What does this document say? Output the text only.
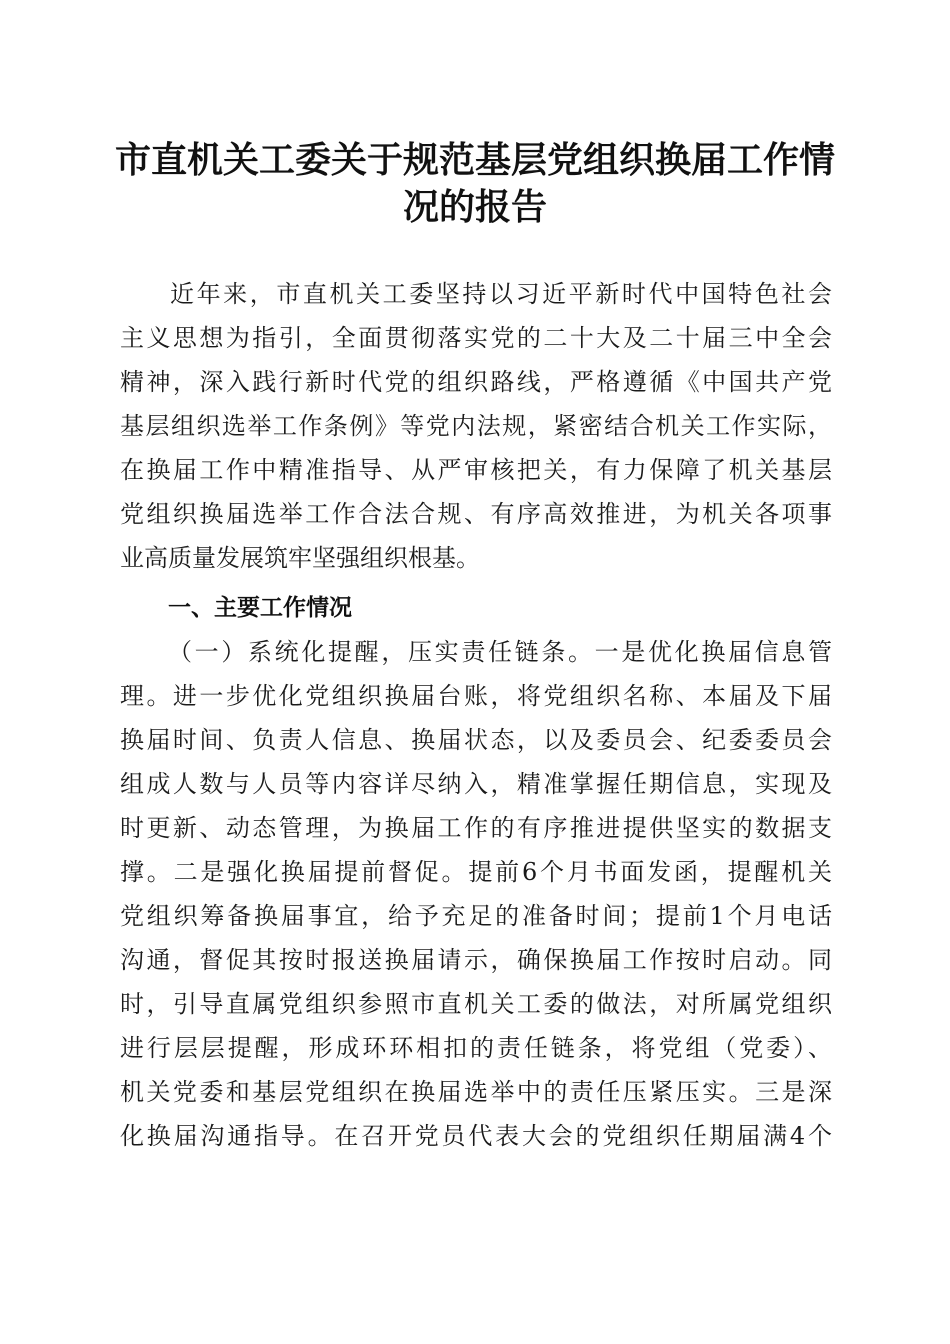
市直机关工委关于规范基层党组织换届工作情
况的报告
近年来，市直机关工委坚持以习近平新时代中国特色社会
主义思想为指引，全面贯彻落实党的二十大及二十届三中全会
精神，深入践行新时代党的组织路线，严格遵循《中国共产党
基层组织选举工作条例》等党内法规，紧密结合机关工作实际，
在换届工作中精准指导、从严审核把关，有力保障了机关基层
党组织换届选举工作合法合规、有序高效推进，为机关各项事
业高质量发展筑牢坚强组织根基。
一、主要工作情况
（一）系统化提醒，压实责任链条。一是优化换届信息管
理。进一步优化党组织换届台账，将党组织名称、本届及下届
换届时间、负责人信息、换届状态，以及委员会、纪委委员会
组成人数与人员等内容详尽纳入，精准掌握任期信息，实现及
时更新、动态管理，为换届工作的有序推进提供坚实的数据支
撑。二是强化换届提前督促。提前6个月书面发函，提醒机关
党组织筹备换届事宜，给予充足的准备时间；提前1个月电话
沟通，督促其按时报送换届请示，确保换届工作按时启动。同
时，引导直属党组织参照市直机关工委的做法，对所属党组织
进行层层提醒，形成环环相扣的责任链条，将党组（党委）、
机关党委和基层党组织在换届选举中的责任压紧压实。三是深
化换届沟通指导。在召开党员代表大会的党组织任期届满4个
